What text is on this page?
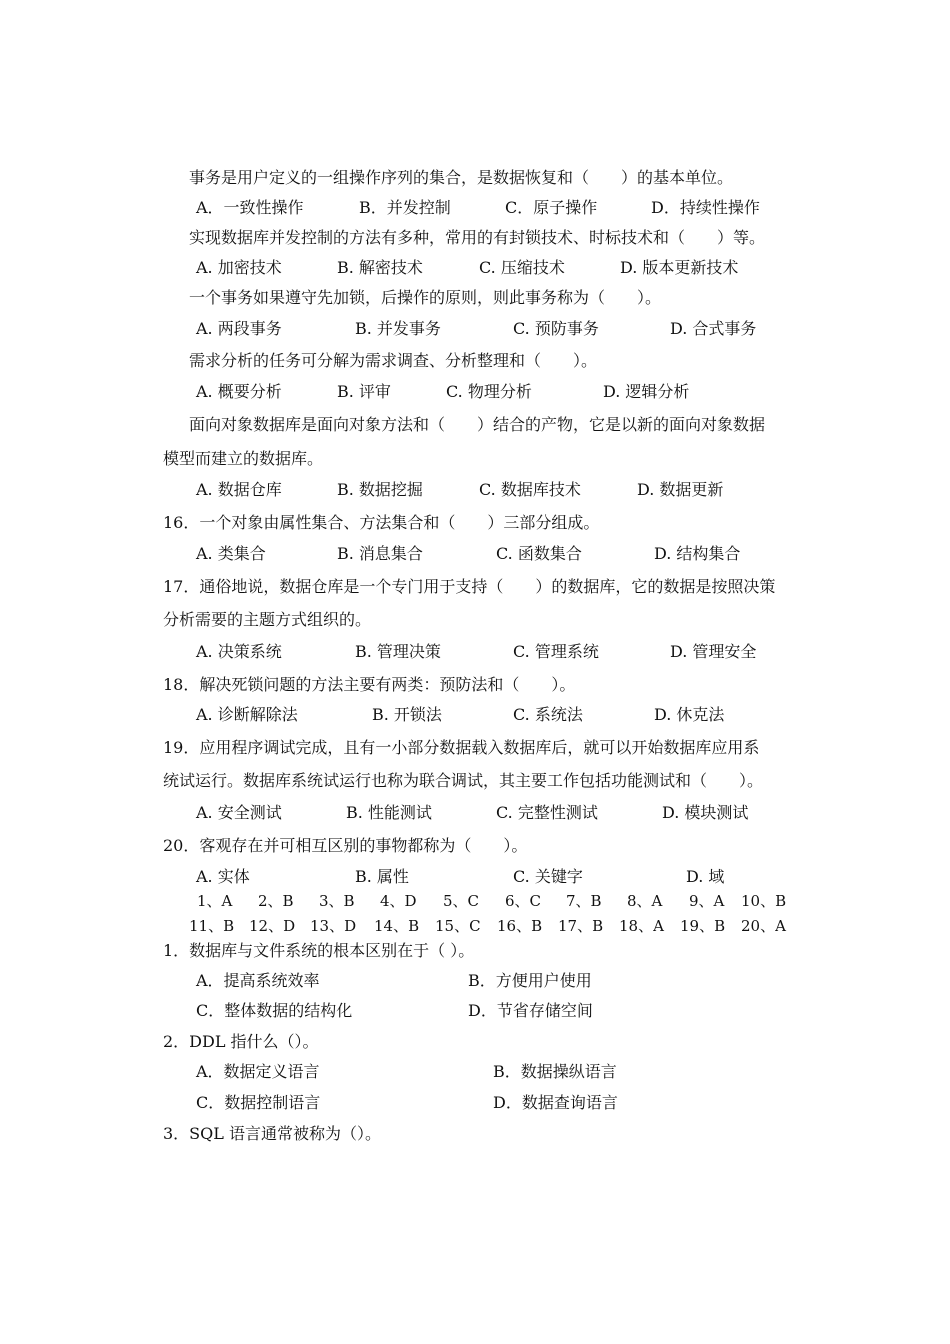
事务是用户定义的一组操作序列的集合，是数据恢复和（　　）的基本单位。
A．一致性操作	B．并发控制	C．原子操作	D．持续性操作
实现数据库并发控制的方法有多种，常用的有封锁技术、时标技术和（　　）等。
A. 加密技术	B. 解密技术	C. 压缩技术	D. 版本更新技术
一个事务如果遵守先加锁，后操作的原则，则此事务称为（　　）。
A. 两段事务	B. 并发事务	C. 预防事务	D. 合式事务
需求分析的任务可分解为需求调查、分析整理和（　　）。
A. 概要分析	B. 评审	C. 物理分析	D. 逻辑分析
面向对象数据库是面向对象方法和（　　）结合的产物，它是以新的面向对象数据
模型而建立的数据库。
A. 数据仓库	B. 数据挖掘	C. 数据库技术	D. 数据更新
16．一个对象由属性集合、方法集合和（　　）三部分组成。
A. 类集合	B. 消息集合	C. 函数集合	D. 结构集合
17．通俗地说，数据仓库是一个专门用于支持（　　）的数据库，它的数据是按照决策
分析需要的主题方式组织的。
A. 决策系统	B. 管理决策	C. 管理系统	D. 管理安全
18．解决死锁问题的方法主要有两类：预防法和（　　）。
A. 诊断解除法	B. 开锁法	C. 系统法	D. 休克法
19．应用程序调试完成，且有一小部分数据载入数据库后，就可以开始数据库应用系
统试运行。数据库系统试运行也称为联合调试，其主要工作包括功能测试和（　　）。
A. 安全测试	B. 性能测试	C. 完整性测试	D. 模块测试
20．客观存在并可相互区别的事物都称为（　　）。
A. 实体	B. 属性	C. 关键字	D. 域
1、A 2、B 3、B 4、D 5、C 6、C 7、B 8、A 9、A 10、B
11、B 12、D 13、D 14、B 15、C 16、B 17、B 18、A 19、B 20、A
1．数据库与文件系统的根本区别在于（ ）。
A．提高系统效率	B．方便用户使用
C．整体数据的结构化	D．节省存储空间
2．DDL 指什么（）。
A．数据定义语言	B．数据操纵语言
C．数据控制语言	D．数据查询语言
3．SQL 语言通常被称为（）。
